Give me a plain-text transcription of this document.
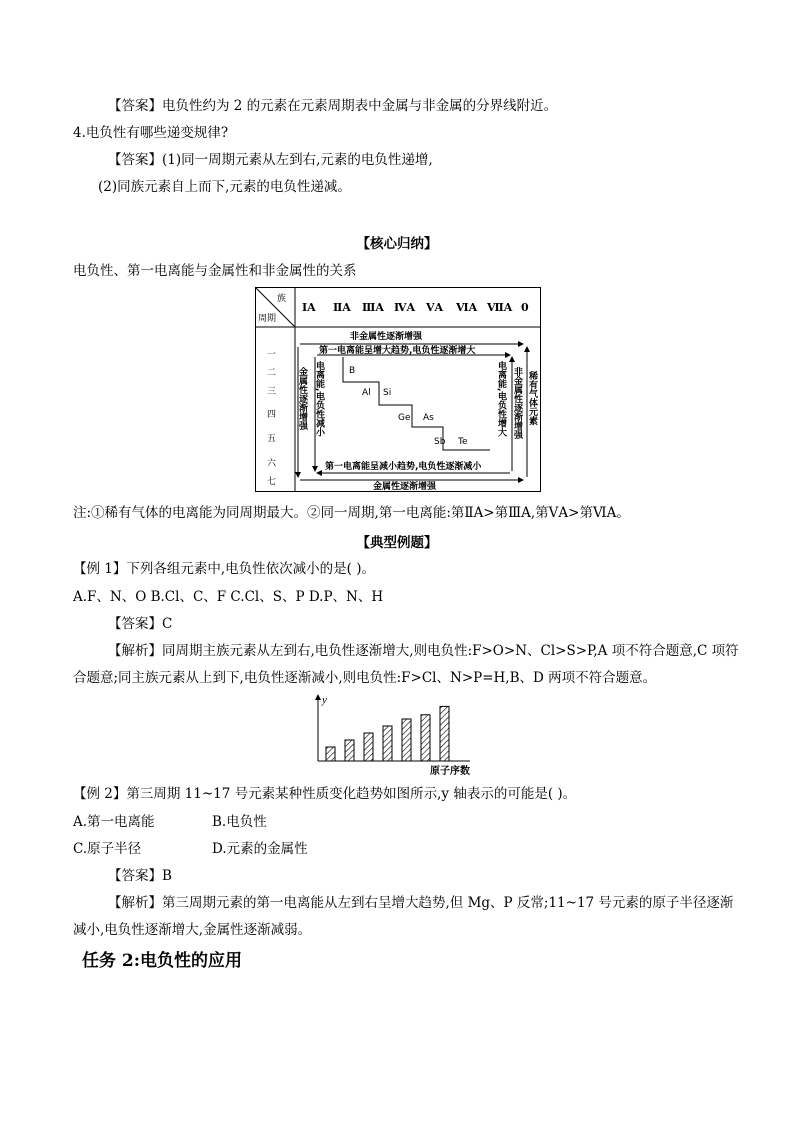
【答案】电负性约为 2 的元素在元素周期表中金属与非金属的分界线附近。
4.电负性有哪些递变规律?
【答案】(1)同一周期元素从左到右,元素的电负性递增,
(2)同族元素自上而下,元素的电负性递减。
【核心归纳】
电负性、第一电离能与金属性和非金属性的关系
族
周期
ⅠA ⅡA ⅢA ⅣA ⅤA ⅥA ⅦA 0
一
二
三
四
五
六
七
非金属性逐渐增强
金属性逐渐增强
第一电离能呈增大趋势,电负性逐渐增大
第一电离能呈减小趋势,电负性逐渐减小
B
Al Si
Ge As
Sb Te
金属性逐渐增强 电离能,电负性减小	电离能,电负性增大 非金属性逐渐增强 稀有气体元素
注:①稀有气体的电离能为同周期最大。②同一周期,第一电离能:第ⅡA>第ⅢA,第ⅤA>第ⅥA。
【典型例题】
【例 1】下列各组元素中,电负性依次减小的是( )。
A.F、N、O B.Cl、C、F C.Cl、S、P D.P、N、H
【答案】C
【解析】同周期主族元素从左到右,电负性逐渐增大,则电负性:F>O>N、Cl>S>P,A 项不符合题意,C 项符
合题意;同主族元素从上到下,电负性逐渐减小,则电负性:F>Cl、N>P=H,B、D 两项不符合题意。
y
原子序数
【例 2】第三周期 11~17 号元素某种性质变化趋势如图所示,y 轴表示的可能是( )。
A.第一电离能	B.电负性
C.原子半径	D.元素的金属性
【答案】B
【解析】第三周期元素的第一电离能从左到右呈增大趋势,但 Mg、P 反常;11~17 号元素的原子半径逐渐
减小,电负性逐渐增大,金属性逐渐减弱。
任务 2:电负性的应用
